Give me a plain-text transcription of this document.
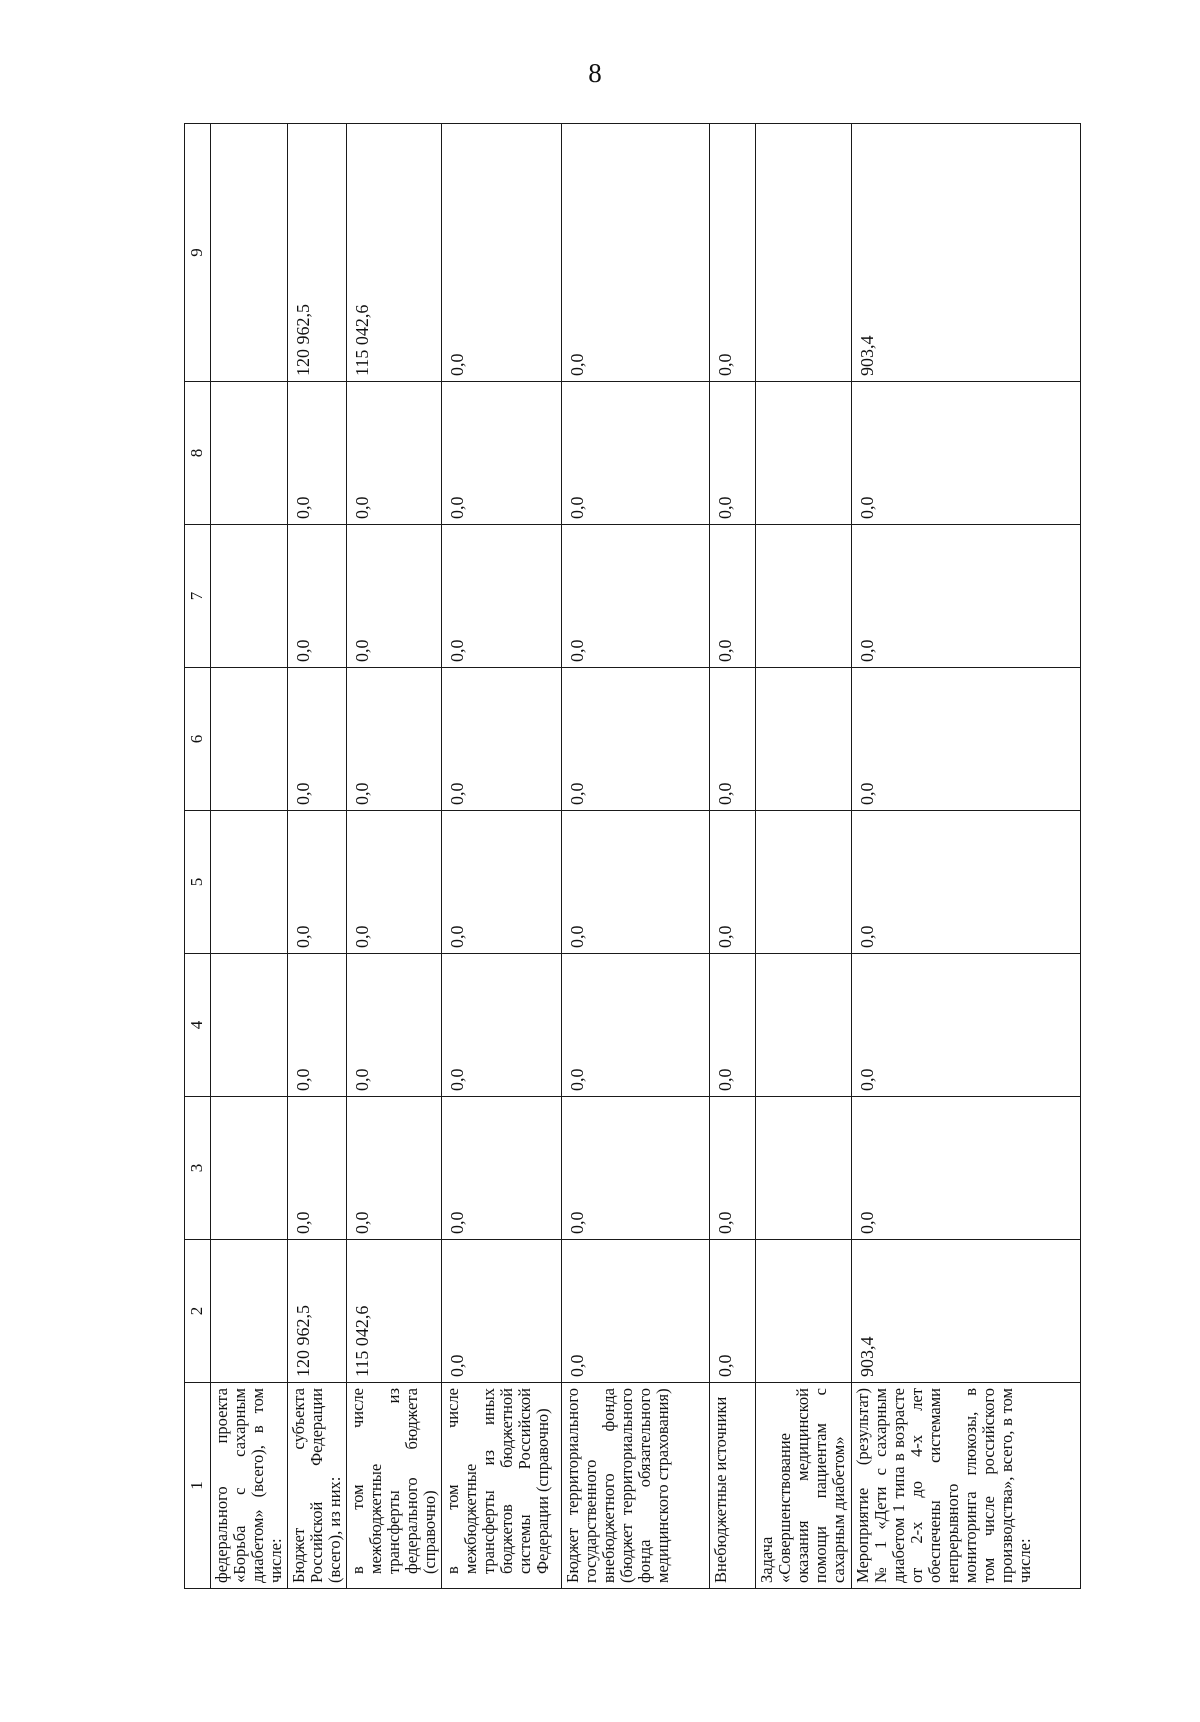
8
1	2	3	4	5	6	7	8	9
федерального проекта «Борьба с сахарным диабетом» (всего), в том числе:								
Бюджет субъекта Российской Федерации (всего), из них:	120 962,5	0,0	0,0	0,0	0,0	0,0	0,0	120 962,5
в том числе межбюджетные трансферты из федерального бюджета (справочно)	115 042,6	0,0	0,0	0,0	0,0	0,0	0,0	115 042,6
в том числе межбюджетные трансферты из иных бюджетов бюджетной системы Российской Федерации (справочно)	0,0	0,0	0,0	0,0	0,0	0,0	0,0	0,0
Бюджет территориального государственного внебюджетного фонда (бюджет территориального фонда обязательного медицинского страхования)	0,0	0,0	0,0	0,0	0,0	0,0	0,0	0,0
Внебюджетные источники	0,0	0,0	0,0	0,0	0,0	0,0	0,0	0,0
Задача «Совершенствование оказания медицинской помощи пациентам с сахарным диабетом»								
Мероприятие (результат) № 1 «Дети с сахарным диабетом 1 типа в возрасте от 2-х до 4-х лет обеспечены системами непрерывного мониторинга глюкозы, в том числе российского производства», всего, в том числе:	903,4	0,0	0,0	0,0	0,0	0,0	0,0	903,4
